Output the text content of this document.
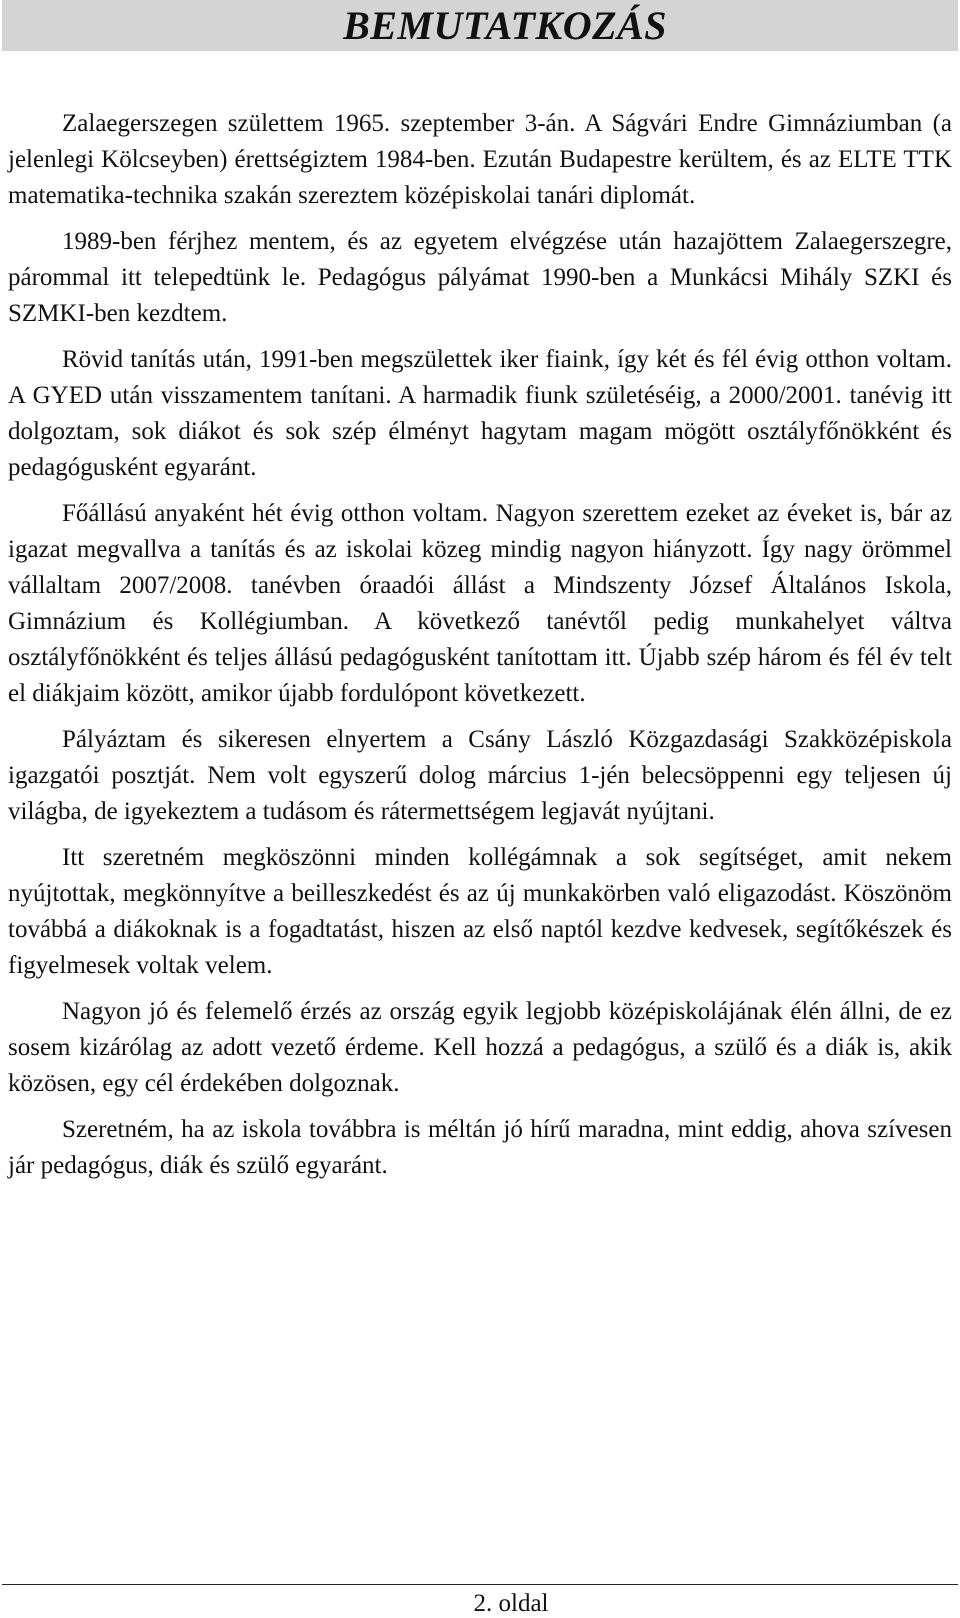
BEMUTATKOZÁS

Zalaegerszegen születtem 1965. szeptember 3-án. A Ságvári Endre Gimnáziumban (a jelenlegi Kölcseyben) érettségiztem 1984-ben. Ezután Budapestre kerültem, és az ELTE TTK matematika-technika szakán szereztem középiskolai tanári diplomát.

1989-ben férjhez mentem, és az egyetem elvégzése után hazajöttem Zalaegerszegre, párommal itt telepedtünk le. Pedagógus pályámat 1990-ben a Munkácsi Mihály SZKI és SZMKI-ben kezdtem.

Rövid tanítás után, 1991-ben megszülettek iker fiaink, így két és fél évig otthon voltam. A GYED után visszamentem tanítani. A harmadik fiunk születéséig, a 2000/2001. tanévig itt dolgoztam, sok diákot és sok szép élményt hagytam magam mögött osztályfőnökként és pedagógusként egyaránt.

Főállású anyaként hét évig otthon voltam. Nagyon szerettem ezeket az éveket is, bár az igazat megvallva a tanítás és az iskolai közeg mindig nagyon hiányzott. Így nagy örömmel vállaltam 2007/2008. tanévben óraadói állást a Mindszenty József Általános Iskola, Gimnázium és Kollégiumban. A következő tanévtől pedig munkahelyet váltva osztályfőnökként és teljes állású pedagógusként tanítottam itt. Újabb szép három és fél év telt el diákjaim között, amikor újabb fordulópont következett.

Pályáztam és sikeresen elnyertem a Csány László Közgazdasági Szakközépiskola igazgatói posztját. Nem volt egyszerű dolog március 1-jén belecsöppenni egy teljesen új világba, de igyekeztem a tudásom és rátermettségem legjavát nyújtani.

Itt szeretném megköszönni minden kollégámnak a sok segítséget, amit nekem nyújtottak, megkönnyítve a beilleszkedést és az új munkakörben való eligazodást. Köszönöm továbbá a diákoknak is a fogadtatást, hiszen az első naptól kezdve kedvesek, segítőkészek és figyelmesek voltak velem.

Nagyon jó és felemelő érzés az ország egyik legjobb középiskolájának élén állni, de ez sosem kizárólag az adott vezető érdeme. Kell hozzá a pedagógus, a szülő és a diák is, akik közösen, egy cél érdekében dolgoznak.

Szeretném, ha az iskola továbbra is méltán jó hírű maradna, mint eddig, ahova szívesen jár pedagógus, diák és szülő egyaránt.

2. oldal
